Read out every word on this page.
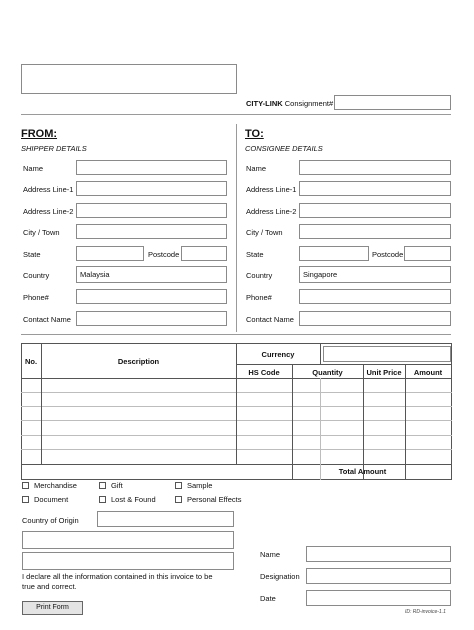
CITY-LINK Consignment#
FROM:
SHIPPER DETAILS
Name
Address Line-1
Address Line-2
City / Town
State	Postcode
Country	Malaysia
Phone#
Contact Name
TO:
CONSIGNEE DETAILS
Name
Address Line-1
Address Line-2
City / Town
State	Postcode
Country	Singapore
Phone#
Contact Name
No.	Description
Currency
HS Code	Quantity	Unit Price	Amount
Total Amount
Merchandise	Gift	Sample
Document	Lost & Found	Personal Effects
Country of Origin
I declare all the information contained in this invoice to be true and correct.
Name
Designation
Date
Print Form
ID: RD-invoice-1.1
